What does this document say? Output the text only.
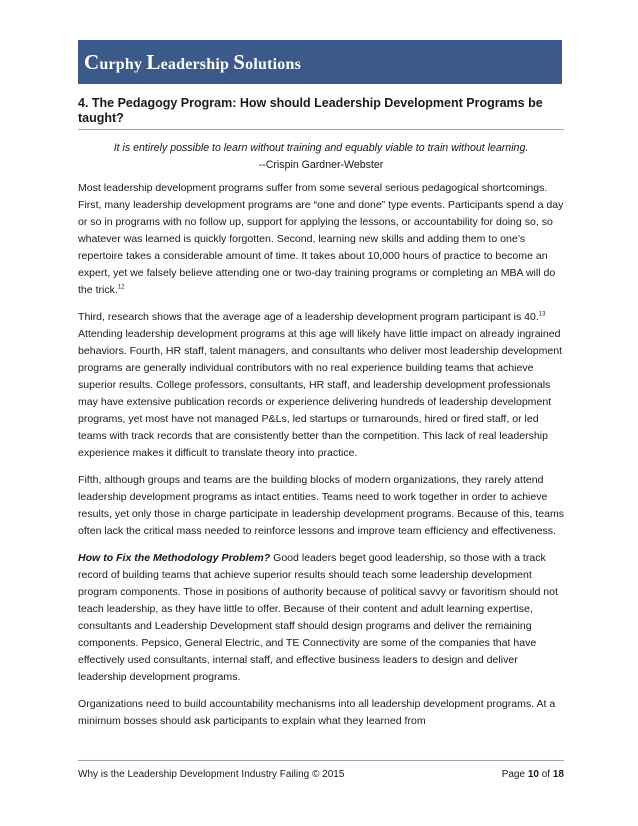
Curphy Leadership Solutions
4. The Pedagogy Program: How should Leadership Development Programs be taught?
It is entirely possible to learn without training and equably viable to train without learning.
--Crispin Gardner-Webster

Most leadership development programs suffer from some several serious pedagogical shortcomings. First, many leadership development programs are “one and done” type events. Participants spend a day or so in programs with no follow up, support for applying the lessons, or accountability for doing so, so whatever was learned is quickly forgotten. Second, learning new skills and adding them to one’s repertoire takes a considerable amount of time. It takes about 10,000 hours of practice to become an expert, yet we falsely believe attending one or two-day training programs or completing an MBA will do the trick.$^{12}$

Third, research shows that the average age of a leadership development program participant is 40.13 Attending leadership development programs at this age will likely have little impact on already ingrained behaviors. Fourth, HR staff, talent managers, and consultants who deliver most leadership development programs are generally individual contributors with no real experience building teams that achieve superior results. College professors, consultants, HR staff, and leadership development professionals may have extensive publication records or experience delivering hundreds of leadership development programs, yet most have not managed P&Ls, led startups or turnarounds, hired or fired staff, or led teams with track records that are consistently better than the competition. This lack of real leadership experience makes it difficult to translate theory into practice.

Fifth, although groups and teams are the building blocks of modern organizations, they rarely attend leadership development programs as intact entities. Teams need to work together in order to achieve results, yet only those in charge participate in leadership development programs. Because of this, teams often lack the critical mass needed to reinforce lessons and improve team efficiency and effectiveness.

How to Fix the Methodology Problem? Good leaders beget good leadership, so those with a track record of building teams that achieve superior results should teach some leadership development program components. Those in positions of authority because of political savvy or favoritism should not teach leadership, as they have little to offer. Because of their content and adult learning expertise, consultants and Leadership Development staff should design programs and deliver the remaining components. Pepsico, General Electric, and TE Connectivity are some of the companies that have effectively used consultants, internal staff, and effective business leaders to design and deliver leadership development programs.

Organizations need to build accountability mechanisms into all leadership development programs. At a minimum bosses should ask participants to explain what they learned from

Why is the Leadership Development Industry Failing © 2015	Page 10 of 18
